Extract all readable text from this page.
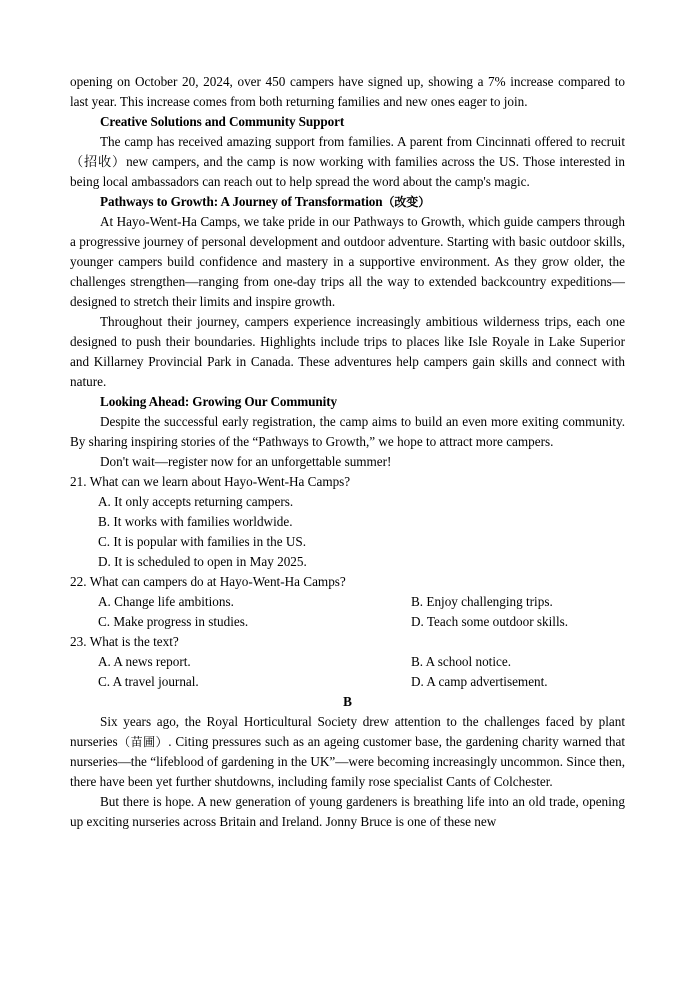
opening on October 20, 2024, over 450 campers have signed up, showing a 7% increase compared to last year. This increase comes from both returning families and new ones eager to join.

Creative Solutions and Community Support

The camp has received amazing support from families. A parent from Cincinnati offered to recruit（招收）new campers, and the camp is now working with families across the US. Those interested in being local ambassadors can reach out to help spread the word about the camp's magic.

Pathways to Growth: A Journey of Transformation（改变）

At Hayo-Went-Ha Camps, we take pride in our Pathways to Growth, which guide campers through a progressive journey of personal development and outdoor adventure. Starting with basic outdoor skills, younger campers build confidence and mastery in a supportive environment. As they grow older, the challenges strengthen—ranging from one-day trips all the way to extended backcountry expeditions—designed to stretch their limits and inspire growth.

Throughout their journey, campers experience increasingly ambitious wilderness trips, each one designed to push their boundaries. Highlights include trips to places like Isle Royale in Lake Superior and Killarney Provincial Park in Canada. These adventures help campers gain skills and connect with nature.

Looking Ahead: Growing Our Community

Despite the successful early registration, the camp aims to build an even more exiting community. By sharing inspiring stories of the “Pathways to Growth,” we hope to attract more campers.

Don't wait—register now for an unforgettable summer!

21. What can we learn about Hayo-Went-Ha Camps?

A. It only accepts returning campers.

B. It works with families worldwide.

C. It is popular with families in the US.

D. It is scheduled to open in May 2025.

22. What can campers do at Hayo-Went-Ha Camps?

A. Change life ambitions.	B. Enjoy challenging trips.
C. Make progress in studies.	D. Teach some outdoor skills.

23. What is the text?

A. A news report.	B. A school notice.
C. A travel journal.	D. A camp advertisement.

B

Six years ago, the Royal Horticultural Society drew attention to the challenges faced by plant nurseries（苗圃）. Citing pressures such as an ageing customer base, the gardening charity warned that nurseries—the “lifeblood of gardening in the UK”—were becoming increasingly uncommon. Since then, there have been yet further shutdowns, including family rose specialist Cants of Colchester.

But there is hope. A new generation of young gardeners is breathing life into an old trade, opening up exciting nurseries across Britain and Ireland. Jonny Bruce is one of these new
